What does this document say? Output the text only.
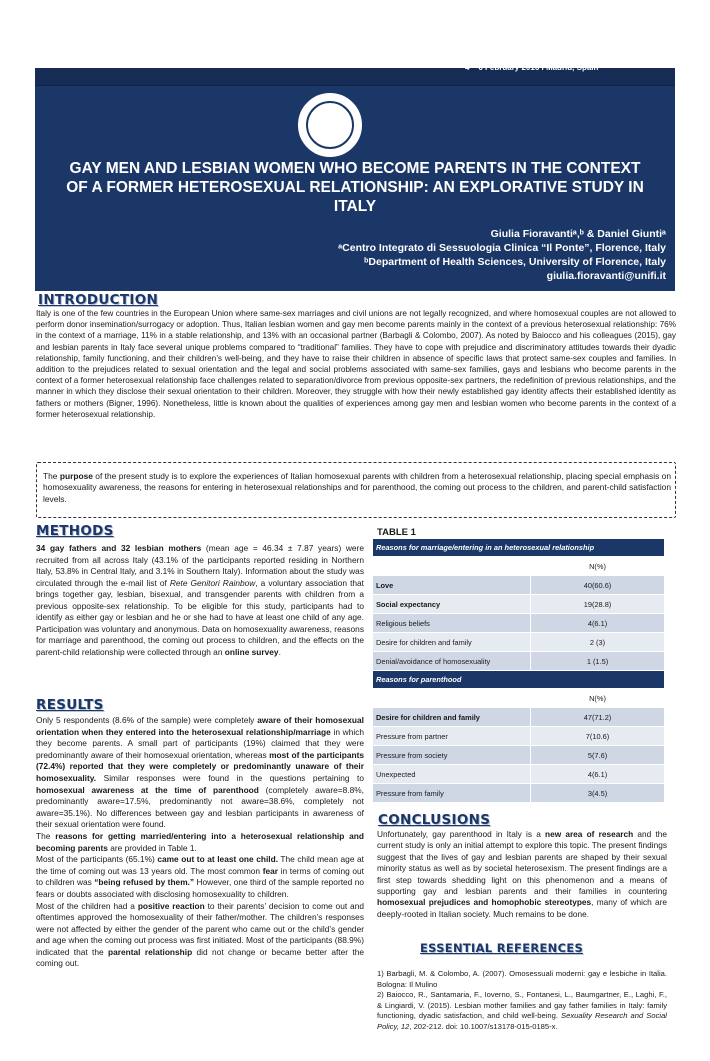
18th Congress of the
European Society for Sexual Medicine
4 – 6 February 2016 I Madrid, Spain
GAY MEN AND LESBIAN WOMEN WHO BECOME PARENTS IN THE CONTEXT OF A FORMER HETEROSEXUAL RELATIONSHIP: AN EXPLORATIVE STUDY IN ITALY
Giulia Fioravantiᵃ,ᵇ & Daniel Giuntiᵃ
ᵃCentro Integrato di Sessuologia Clinica “Il Ponte”, Florence, Italy
ᵇDepartment of Health Sciences, University of Florence, Italy
giulia.fioravanti@unifi.it
INTRODUCTION

Italy is one of the few countries in the European Union where same-sex marriages and civil unions are not legally recognized, and where homosexual couples are not allowed to perform donor insemination/surrogacy or adoption. Thus, Italian lesbian women and gay men become parents mainly in the context of a previous heterosexual relationship: 76% in the context of a marriage, 11% in a stable relationship, and 13% with an occasional partner (Barbagli & Colombo, 2007). As noted by Baiocco and his colleagues (2015), gay and lesbian parents in Italy face several unique problems compared to “traditional” families. They have to cope with prejudice and discriminatory attitudes towards their dyadic relationship, family functioning, and their children’s well-being, and they have to raise their children in absence of specific laws that protect same-sex couples and families. In addition to the prejudices related to sexual orientation and the legal and social problems associated with same-sex families, gays and lesbians who become parents in the context of a former heterosexual relationship face challenges related to separation/divorce from previous opposite-sex partners, the redefinition of previous relationships, and the manner in which they disclose their sexual orientation to their children. Moreover, they struggle with how their newly established gay identity affects their established identity as fathers or mothers (Bigner, 1996). Nonetheless, little is known about the qualities of experiences among gay men and lesbian women who become parents in the context of a former heterosexual relationship.

The purpose of the present study is to explore the experiences of Italian homosexual parents with children from a heterosexual relationship, placing special emphasis on homosexuality awareness, the reasons for entering in heterosexual relationships and for parenthood, the coming out process to the children, and parent-child satisfaction levels.
METHODS

34 gay fathers and 32 lesbian mothers (mean age = 46.34 ± 7.87 years) were recruited from all across Italy (43.1% of the participants reported residing in Northern Italy, 53.8% in Central Italy, and 3.1% in Southern Italy). Information about the study was circulated through the e-mail list of Rete Genitori Rainbow, a voluntary association that brings together gay, lesbian, bisexual, and transgender parents with children from a previous opposite-sex relationship. To be eligible for this study, participants had to identify as either gay or lesbian and he or she had to have at least one child of any age. Participation was voluntary and anonymous. Data on homosexuality awareness, reasons for marriage and parenthood, the coming out process to children, and the effects on the parent-child relationship were collected through an online survey.

RESULTS

Only 5 respondents (8.6% of the sample) were completely aware of their homosexual orientation when they entered into the heterosexual relationship/marriage in which they become parents. A small part of participants (19%) claimed that they were predominantly aware of their homosexual orientation, whereas most of the participants (72.4%) reported that they were completely or predominantly unaware of their homosexuality. Similar responses were found in the questions pertaining to homosexual awareness at the time of parenthood (completely aware=8.8%, predominantly aware=17.5%, predominantly not aware=38.6%, completely not aware=35.1%). No differences between gay and lesbian participants in awareness of their sexual orientation were found.

The reasons for getting married/entering into a heterosexual relationship and becoming parents are provided in Table 1.

Most of the participants (65.1%) came out to at least one child. The child mean age at the time of coming out was 13 years old. The most common fear in terms of coming out to children was “being refused by them.” However, one third of the sample reported no fears or doubts associated with disclosing homosexuality to children.

Most of the children had a positive reaction to their parents’ decision to come out and oftentimes approved the homosexuality of their father/mother. The children’s responses were not affected by either the gender of the parent who came out or the child’s gender and age when the coming out process was first initiated. Most of the participants (88.9%) indicated that the parental relationship did not change or became better after the coming out.

TABLE 1
Reasons for marriage/entering in an heterosexual relationship	
	N(%)
Love	40(60.6)
Social expectancy	19(28.8)
Religious beliefs	4(6.1)
Desire for children and family	2 (3)
Denial/avoidance of homosexuality	1 (1.5)
Reasons for parenthood	
	N(%)
Desire for children and family	47(71.2)
Pressure from partner	7(10.6)
Pressure from society	5(7.6)
Unexpected	4(6.1)
Pressure from family	3(4.5)
CONCLUSIONS

Unfortunately, gay parenthood in Italy is a new area of research and the current study is only an initial attempt to explore this topic. The present findings suggest that the lives of gay and lesbian parents are shaped by their sexual minority status as well as by societal heterosexism. The present findings are a first step towards shedding light on this phenomenon and a means of supporting gay and lesbian parents and their families in countering homosexual prejudices and homophobic stereotypes, many of which are deeply-rooted in Italian society. Much remains to be done.

ESSENTIAL REFERENCES

1) Barbagli, M. & Colombo, A. (2007). Omosessuali moderni: gay e lesbiche in Italia. Bologna: Il Mulino

2) Baiocco, R., Santamaria, F., Ioverno, S., Fontanesi, L., Baumgartner, E., Laghi, F., & Lingiardi, V. (2015). Lesbian mother families and gay father families in Italy: family functioning, dyadic satisfaction, and child well-being. Sexuality Research and Social Policy, 12, 202-212. doi: 10.1007/s13178-015-0185-x.
